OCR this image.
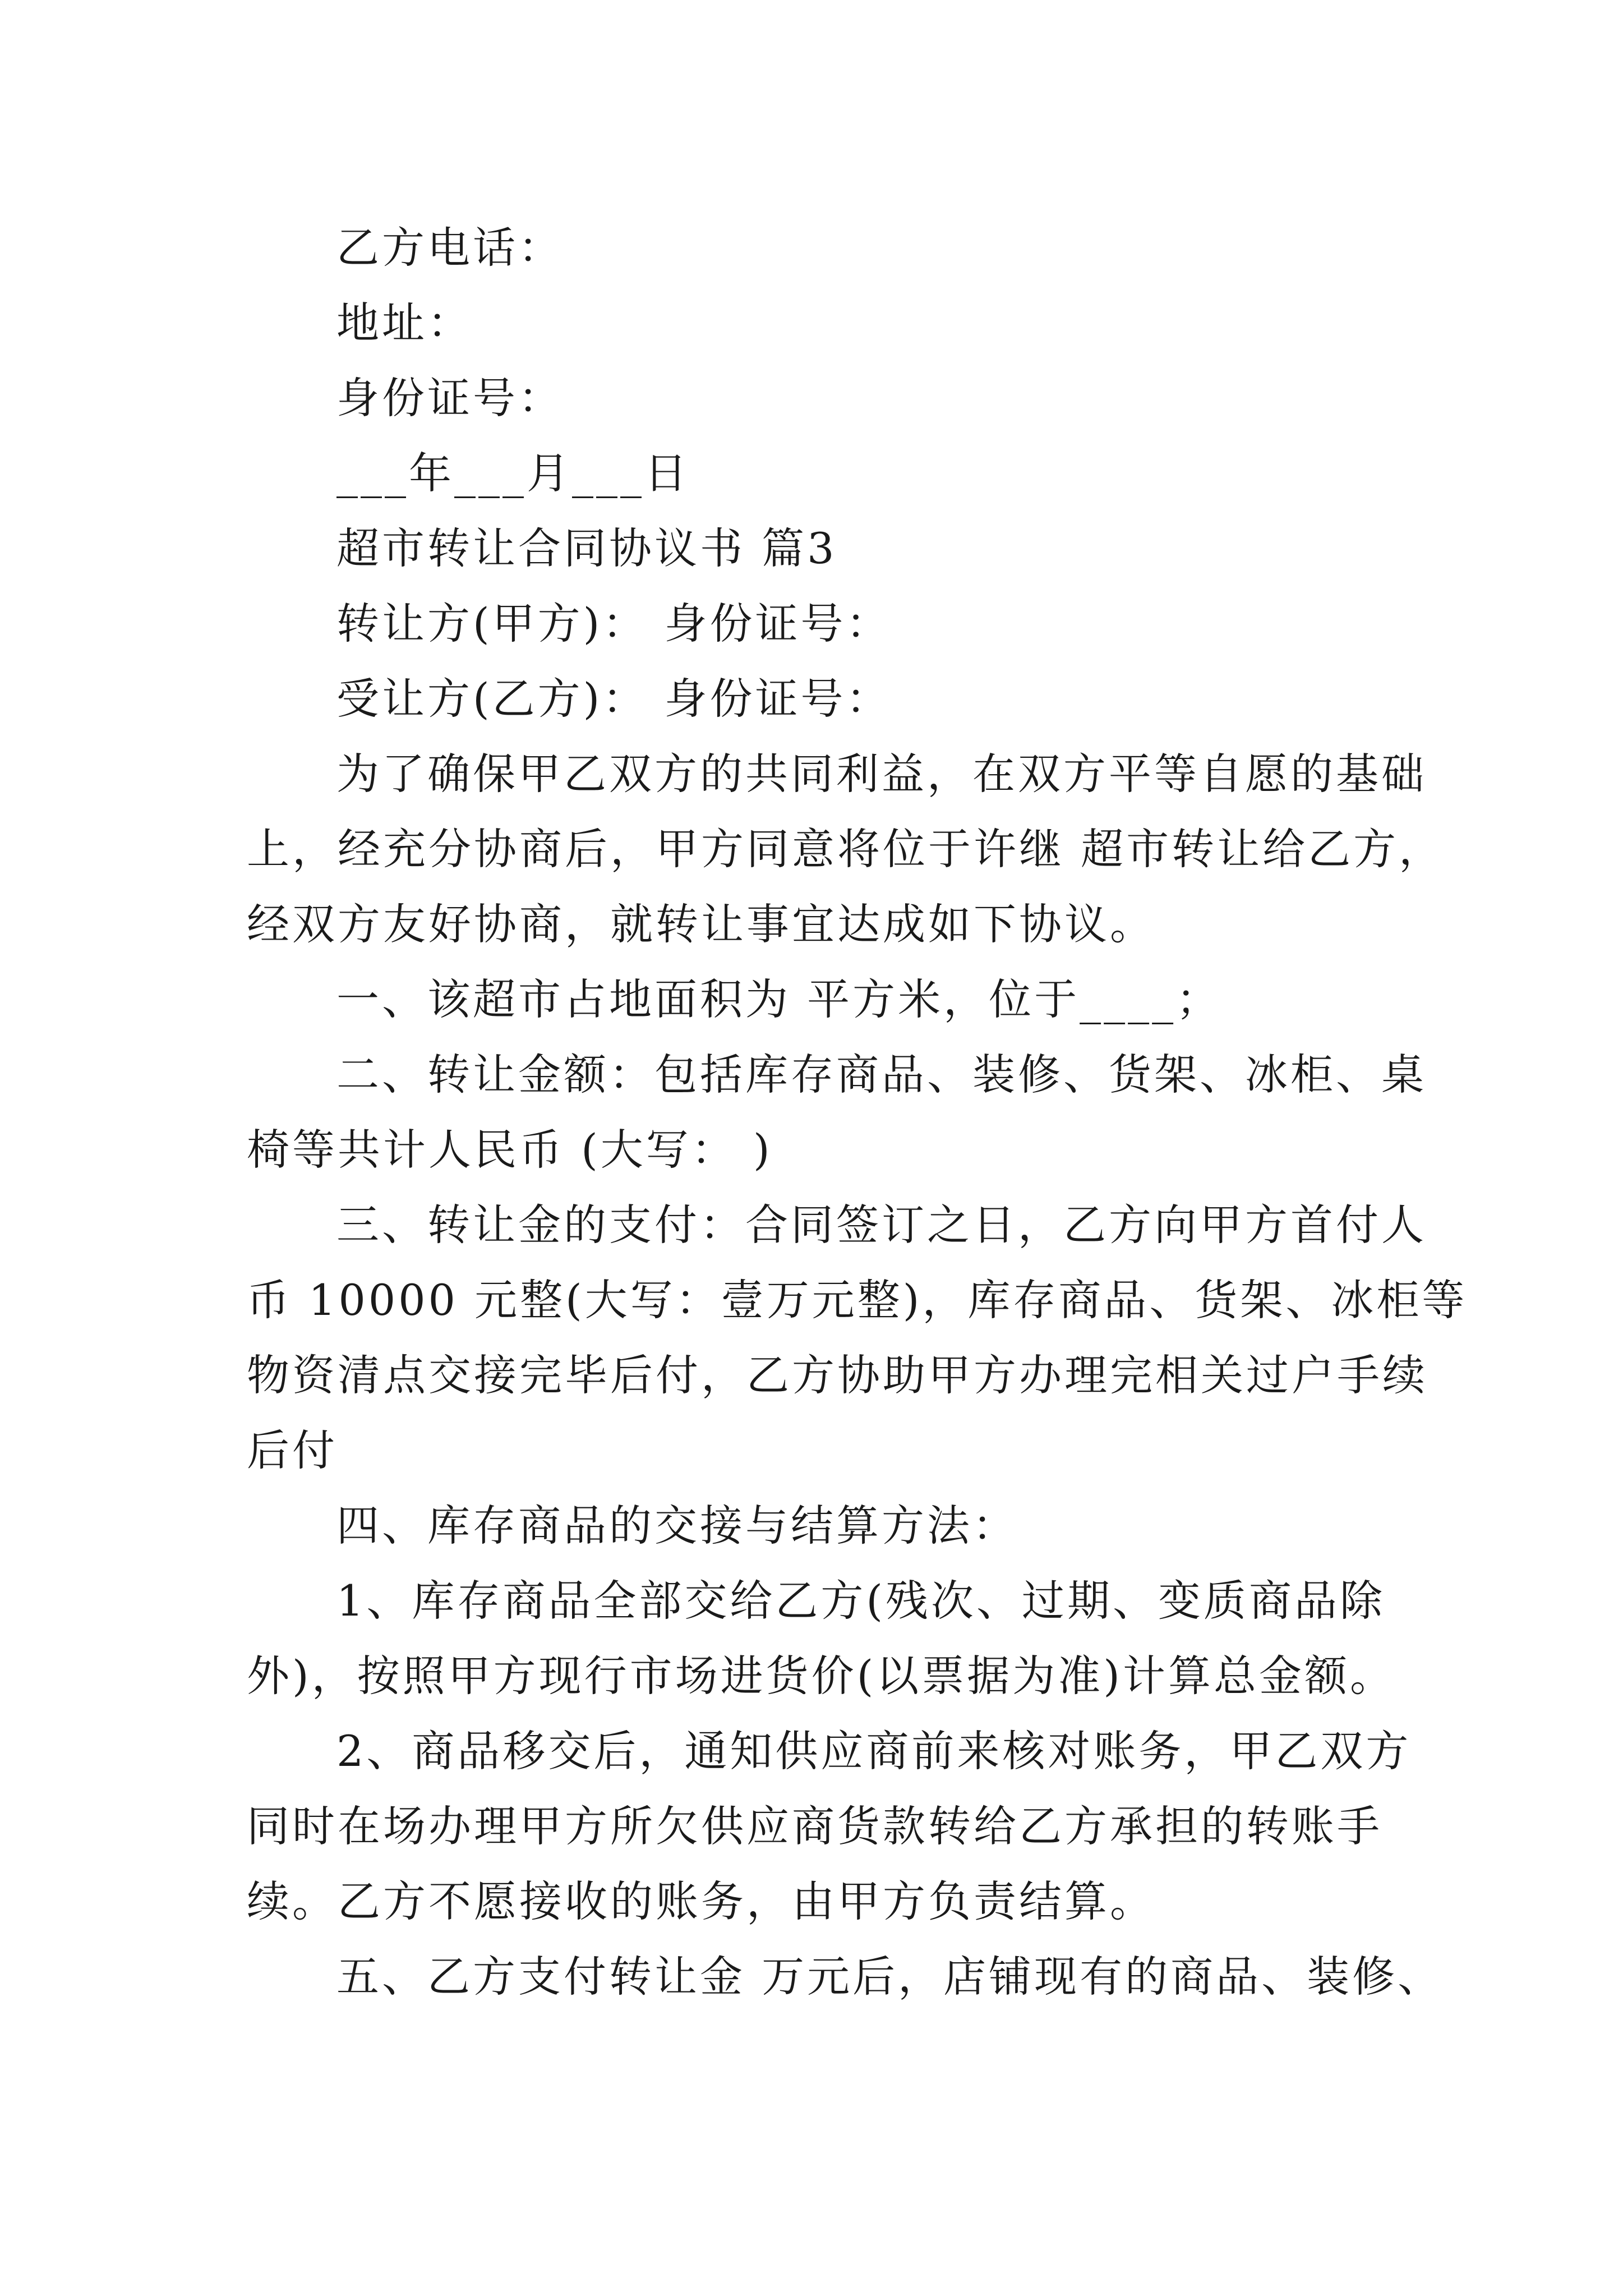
乙方电话：
地址：
身份证号：
___年___月___日
超市转让合同协议书 篇3
转让方(甲方)： 身份证号：
受让方(乙方)： 身份证号：
为了确保甲乙双方的共同利益，在双方平等自愿的基础
上，经充分协商后，甲方同意将位于许继 超市转让给乙方，
经双方友好协商，就转让事宜达成如下协议。
一、该超市占地面积为 平方米，位于____；
二、转让金额：包括库存商品、装修、货架、冰柜、桌
椅等共计人民币 (大写： )
三、转让金的支付：合同签订之日，乙方向甲方首付人
币 10000 元整(大写：壹万元整)，库存商品、货架、冰柜等
物资清点交接完毕后付，乙方协助甲方办理完相关过户手续
后付
四、库存商品的交接与结算方法：
1、库存商品全部交给乙方(残次、过期、变质商品除
外)，按照甲方现行市场进货价(以票据为准)计算总金额。
2、商品移交后，通知供应商前来核对账务，甲乙双方
同时在场办理甲方所欠供应商货款转给乙方承担的转账手
续。乙方不愿接收的账务，由甲方负责结算。
五、乙方支付转让金 万元后，店铺现有的商品、装修、
